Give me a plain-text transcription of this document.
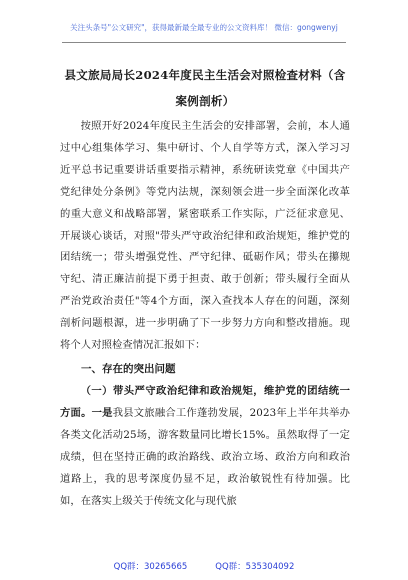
关注头条号"公文研究"，获得最新最全最专业的公文资料库！ 微信：gongwenyj
县文旅局局长2024年度民主生活会对照检查材料（含案例剖析）

按照开好2024年度民主生活会的安排部署，会前，本人通过中心组集体学习、集中研讨、个人自学等方式，深入学习习近平总书记重要讲话重要指示精神，系统研读党章《中国共产党纪律处分条例》等党内法规，深刻领会进一步全面深化改革的重大意义和战略部署，紧密联系工作实际，广泛征求意见、开展谈心谈话，对照"带头严守政治纪律和政治规矩，维护党的团结统一；带头增强党性、严守纪律、砥砺作风；带头在攥规守纪、清正廉洁前提下勇于担责、敢于创新；带头履行全面从严治党政治责任"等4个方面，深入查找本人存在的问题，深刻剖析问题根源，进一步明确了下一步努力方向和整改措施。现将个人对照检查情况汇报如下：

一、存在的突出问题

（一）带头严守政治纪律和政治规矩，维护党的团结统一方面。一是我县文旅融合工作蓬勃发展，2023年上半年共举办各类文化活动25场，游客数量同比增长15%。虽然取得了一定成绩，但在坚持正确的政治路线、政治立场、政治方向和政治道路上，我的思考深度仍显不足，政治敏锐性有待加强。比如，在落实上级关于传统文化与现代旅

QQ群：30265665	QQ群：535304092
